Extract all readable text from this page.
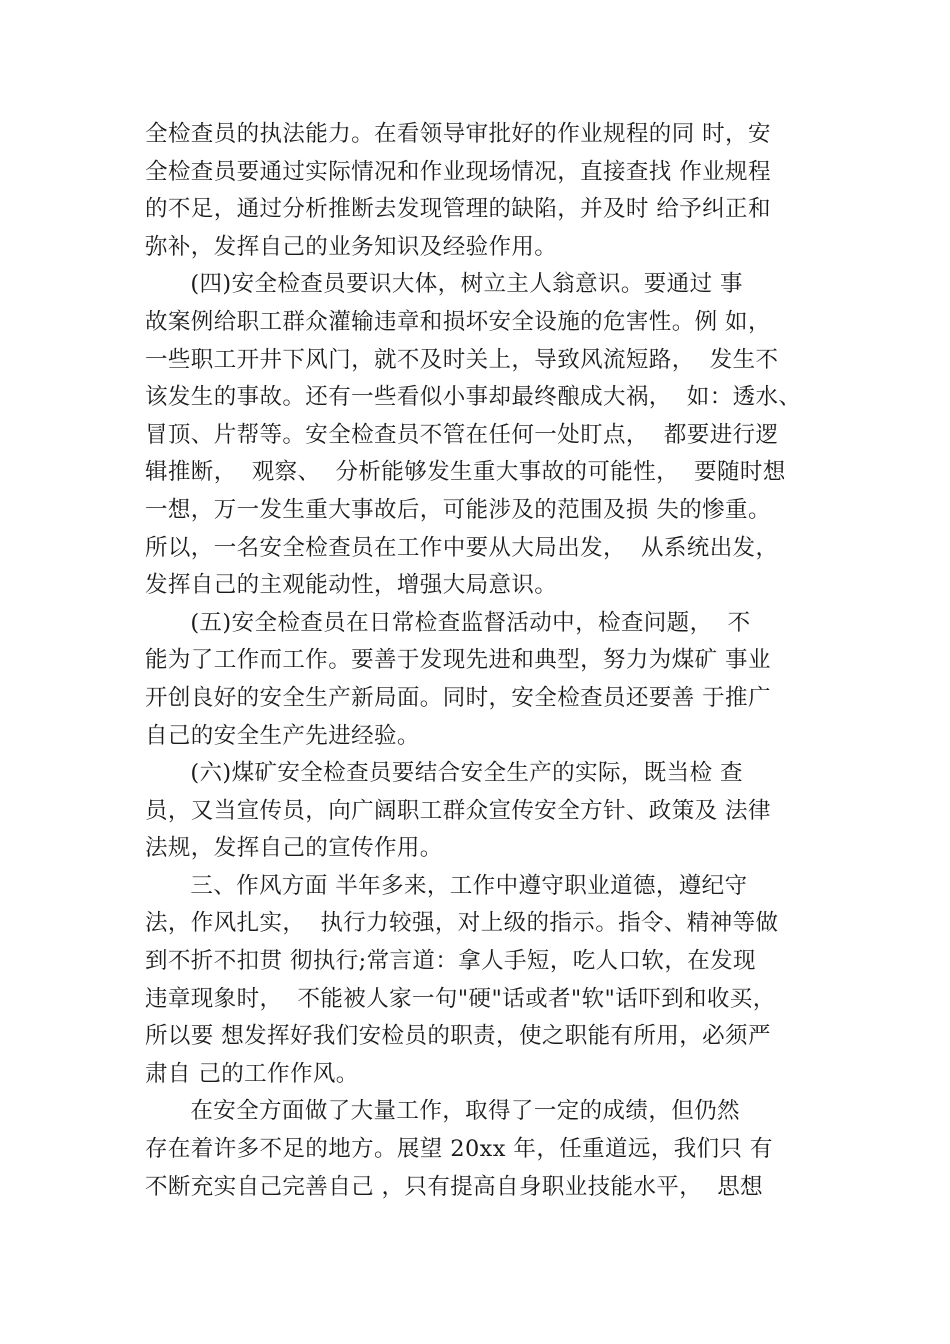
全检查员的执法能力。在看领导审批好的作业规程的同 时，安
全检查员要通过实际情况和作业现场情况，直接查找 作业规程
的不足，通过分析推断去发现管理的缺陷，并及时 给予纠正和
弥补，发挥自己的业务知识及经验作用。
(四)安全检查员要识大体，树立主人翁意识。要通过 事
故案例给职工群众灌输违章和损坏安全设施的危害性。例 如，
一些职工开井下风门，就不及时关上，导致风流短路，  发生不
该发生的事故。还有一些看似小事却最终酿成大祸，  如：透水、
冒顶、片帮等。安全检查员不管在任何一处盯点，  都要进行逻
辑推断，  观察、  分析能够发生重大事故的可能性，  要随时想
一想，万一发生重大事故后，可能涉及的范围及损 失的惨重。
所以，一名安全检查员在工作中要从大局出发，  从系统出发，
发挥自己的主观能动性，增强大局意识。
(五)安全检查员在日常检查监督活动中，检查问题，  不
能为了工作而工作。要善于发现先进和典型，努力为煤矿 事业
开创良好的安全生产新局面。同时，安全检查员还要善 于推广
自己的安全生产先进经验。
(六)煤矿安全检查员要结合安全生产的实际，既当检 查
员，又当宣传员，向广阔职工群众宣传安全方针、政策及 法律
法规，发挥自己的宣传作用。
三、作风方面 半年多来，工作中遵守职业道德，遵纪守
法，作风扎实，  执行力较强，对上级的指示。指令、精神等做
到不折不扣贯 彻执行;常言道：拿人手短，吃人口软，在发现
违章现象时，  不能被人家一句"硬"话或者"软"话吓到和收买，
所以要 想发挥好我们安检员的职责，使之职能有所用，必须严
肃自 己的工作作风。
在安全方面做了大量工作，取得了一定的成绩，但仍然
存在着许多不足的地方。展望 20xx 年，任重道远，我们只 有
不断充实自己完善自己 ，只有提高自身职业技能水平，  思想
